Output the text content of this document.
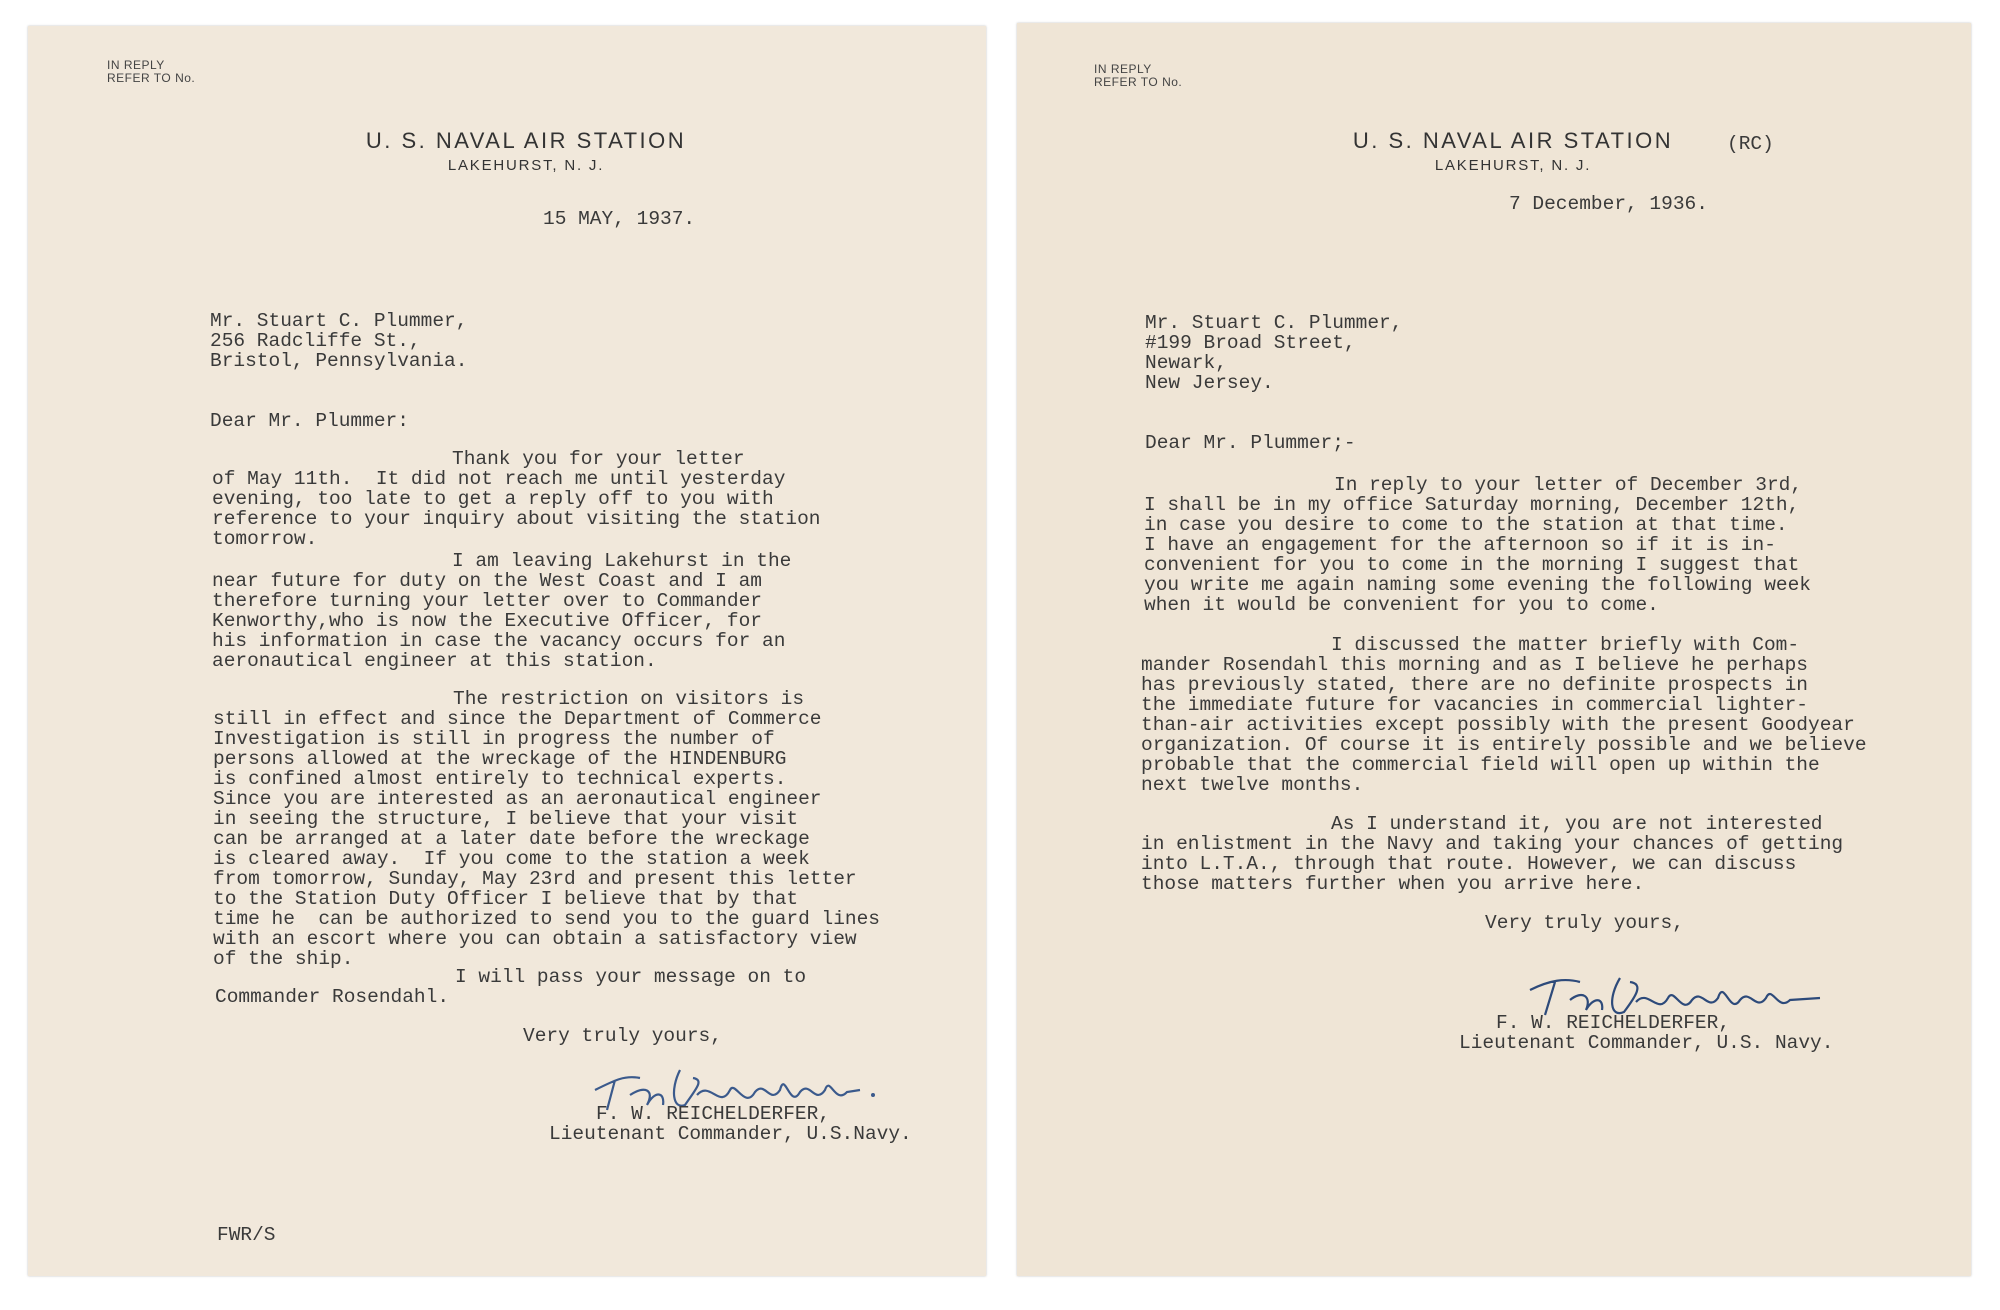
IN REPLY
REFER TO No.
U. S. NAVAL AIR STATION
LAKEHURST, N. J.
15 MAY, 1937.
Mr. Stuart C. Plummer,
256 Radcliffe St.,
Bristol, Pennsylvania.
Dear Mr. Plummer:
Thank you for your letter
of May 11th.  It did not reach me until yesterday
evening, too late to get a reply off to you with
reference to your inquiry about visiting the station
tomorrow.
I am leaving Lakehurst in the
near future for duty on the West Coast and I am
therefore turning your letter over to Commander
Kenworthy,who is now the Executive Officer, for
his information in case the vacancy occurs for an
aeronautical engineer at this station.
The restriction on visitors is
still in effect and since the Department of Commerce
Investigation is still in progress the number of
persons allowed at the wreckage of the HINDENBURG
is confined almost entirely to technical experts.
Since you are interested as an aeronautical engineer
in seeing the structure, I believe that your visit
can be arranged at a later date before the wreckage
is cleared away.  If you come to the station a week
from tomorrow, Sunday, May 23rd and present this letter
to the Station Duty Officer I believe that by that
time he  can be authorized to send you to the guard lines
with an escort where you can obtain a satisfactory view
of the ship.
I will pass your message on to
Commander Rosendahl.
Very truly yours,
F. W. REICHELDERFER,
Lieutenant Commander, U.S.Navy.
FWR/S
IN REPLY
REFER TO No.
U. S. NAVAL AIR STATION	(RC)
LAKEHURST, N. J.
7 December, 1936.
Mr. Stuart C. Plummer,
#199 Broad Street,
Newark,
New Jersey.
Dear Mr. Plummer;-
In reply to your letter of December 3rd,
I shall be in my office Saturday morning, December 12th,
in case you desire to come to the station at that time.
I have an engagement for the afternoon so if it is in-
convenient for you to come in the morning I suggest that
you write me again naming some evening the following week
when it would be convenient for you to come.
I discussed the matter briefly with Com-
mander Rosendahl this morning and as I believe he perhaps
has previously stated, there are no definite prospects in
the immediate future for vacancies in commercial lighter-
than-air activities except possibly with the present Goodyear
organization. Of course it is entirely possible and we believe
probable that the commercial field will open up within the
next twelve months.
As I understand it, you are not interested
in enlistment in the Navy and taking your chances of getting
into L.T.A., through that route. However, we can discuss
those matters further when you arrive here.
Very truly yours,
F. W. REICHELDERFER,
Lieutenant Commander, U.S. Navy.
